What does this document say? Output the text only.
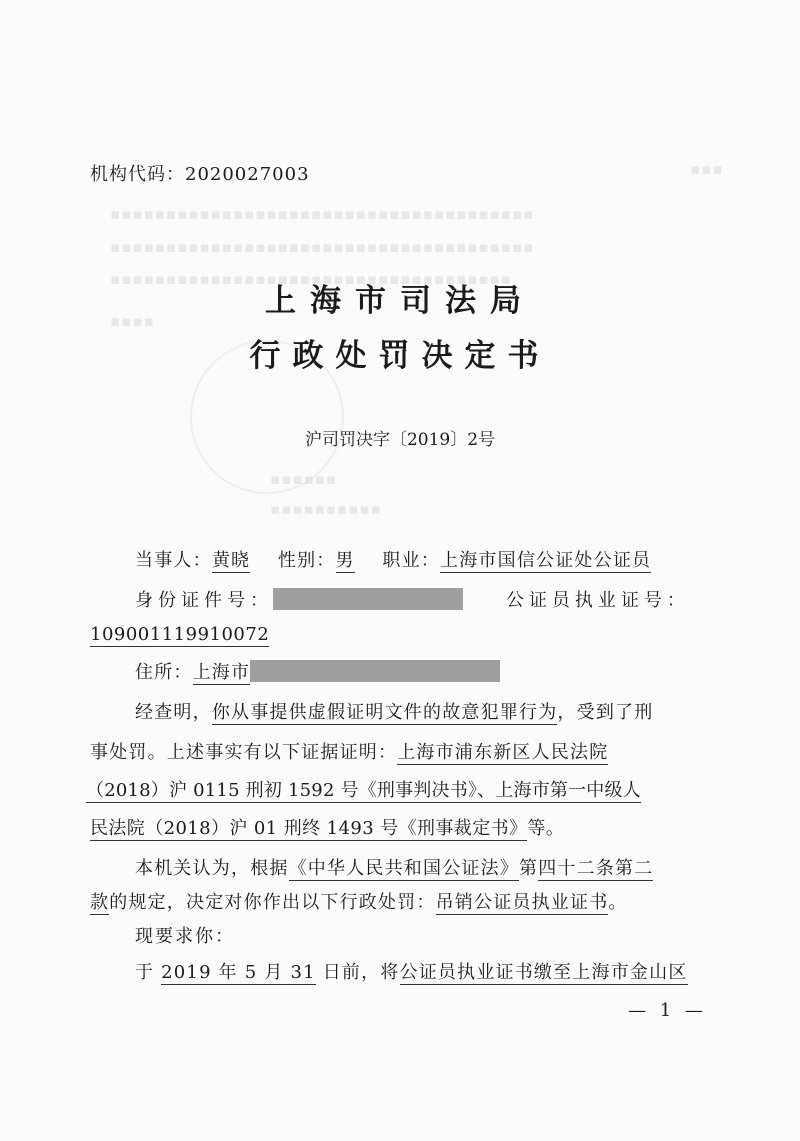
▪▪▪
▪▪▪▪▪▪▪▪▪▪▪▪▪▪▪▪▪▪▪▪▪▪▪▪▪▪▪▪▪▪▪▪▪▪▪▪▪▪
▪▪▪▪▪▪▪▪▪▪▪▪▪▪▪▪▪▪▪▪▪▪▪▪▪▪▪▪▪▪▪▪▪▪▪▪▪▪
▪▪▪▪▪▪▪▪▪▪▪▪▪▪▪▪▪▪▪▪▪▪▪▪▪▪▪▪▪▪▪▪▪▪▪▪
▪▪▪▪
▪▪▪▪▪▪
▪▪▪▪▪▪▪▪▪▪
机构代码：2020027003
上海市司法局
行政处罚决定书
沪司罚决字〔2019〕2号
当事人：黄晓 性别：男 职业：上海市国信公证处公证员
身份证件号：	公证员执业证号：
109001119910072
住所：上海市
经查明，你从事提供虚假证明文件的故意犯罪行为，受到了刑
事处罚。上述事实有以下证据证明：上海市浦东新区人民法院
（2018）沪 0115 刑初 1592 号《刑事判决书》、上海市第一中级人
民法院（2018）沪 01 刑终 1493 号《刑事裁定书》等。
本机关认为，根据《中华人民共和国公证法》第四十二条第二
款的规定，决定对你作出以下行政处罚：吊销公证员执业证书。
现要求你：
于 2019 年 5 月 31 日前，将公证员执业证书缴至上海市金山区
— 1 —
